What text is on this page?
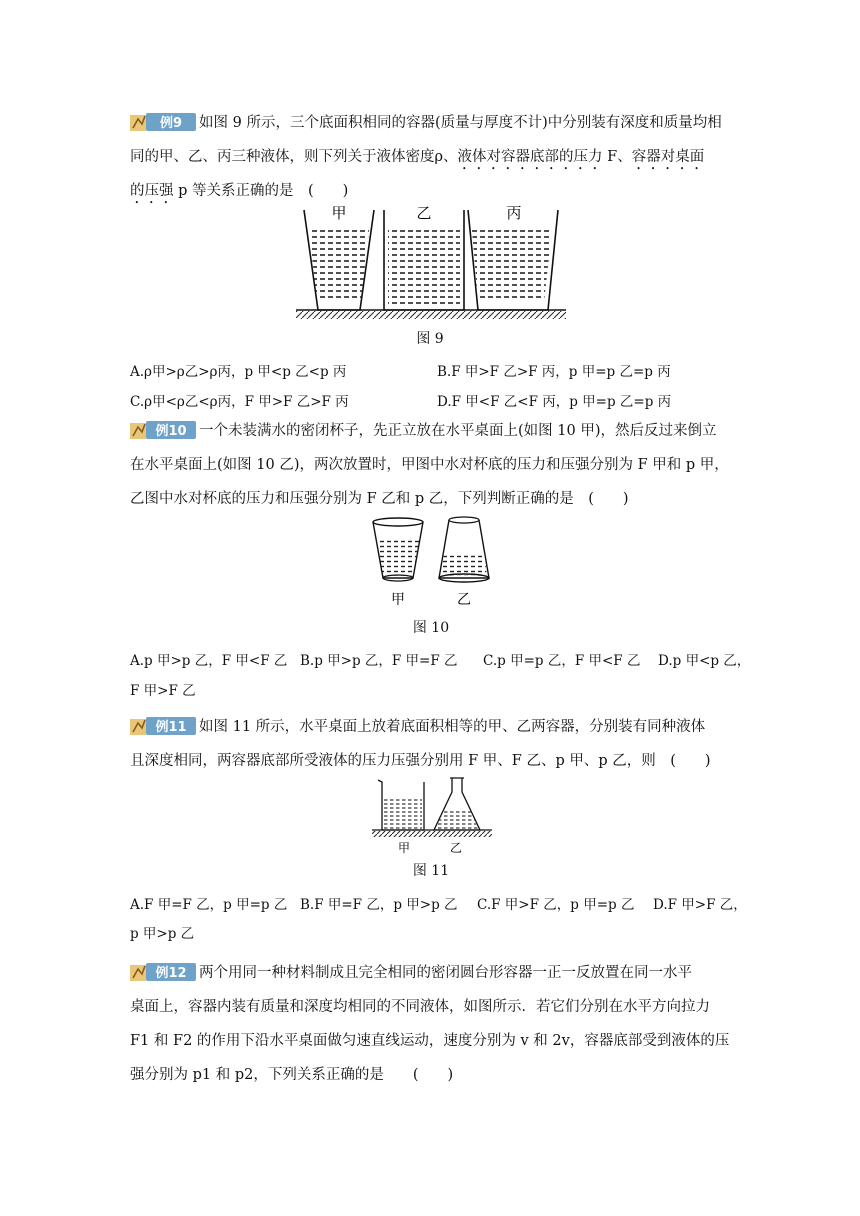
例9 如图 9 所示，三个底面积相同的容器(质量与厚度不计)中分别装有深度和质量均相
同的甲、乙、丙三种液体，则下列关于液体密度ρ、液体对容器底部的压力 F、容器对桌面
的压强 p 等关系正确的是　(　　)
甲	乙	丙
图 9
A.ρ甲>ρ乙>ρ丙，p 甲<p 乙<p 丙	B.F 甲>F 乙>F 丙，p 甲=p 乙=p 丙
C.ρ甲<ρ乙<ρ丙，F 甲>F 乙>F 丙	D.F 甲<F 乙<F 丙，p 甲=p 乙=p 丙
例10 一个未装满水的密闭杯子，先正立放在水平桌面上(如图 10 甲)，然后反过来倒立
在水平桌面上(如图 10 乙)，两次放置时，甲图中水对杯底的压力和压强分别为 F 甲和 p 甲，
乙图中水对杯底的压力和压强分别为 F 乙和 p 乙，下列判断正确的是　(　　)
甲	乙
图 10
A.p 甲>p 乙，F 甲<F 乙 B.p 甲>p 乙，F 甲=F 乙 C.p 甲=p 乙，F 甲<F 乙 D.p 甲<p 乙，
F 甲>F 乙
例11 如图 11 所示，水平桌面上放着底面积相等的甲、乙两容器，分别装有同种液体
且深度相同，两容器底部所受液体的压力压强分别用 F 甲、F 乙、p 甲、p 乙，则　(　　)
甲	乙
图 11
A.F 甲=F 乙，p 甲=p 乙 B.F 甲=F 乙，p 甲>p 乙 C.F 甲>F 乙，p 甲=p 乙 D.F 甲>F 乙，
p 甲>p 乙
例12 两个用同一种材料制成且完全相同的密闭圆台形容器一正一反放置在同一水平
桌面上，容器内装有质量和深度均相同的不同液体，如图所示．若它们分别在水平方向拉力
F1 和 F2 的作用下沿水平桌面做匀速直线运动，速度分别为 v 和 2v，容器底部受到液体的压
强分别为 p1 和 p2，下列关系正确的是　　(　　)
